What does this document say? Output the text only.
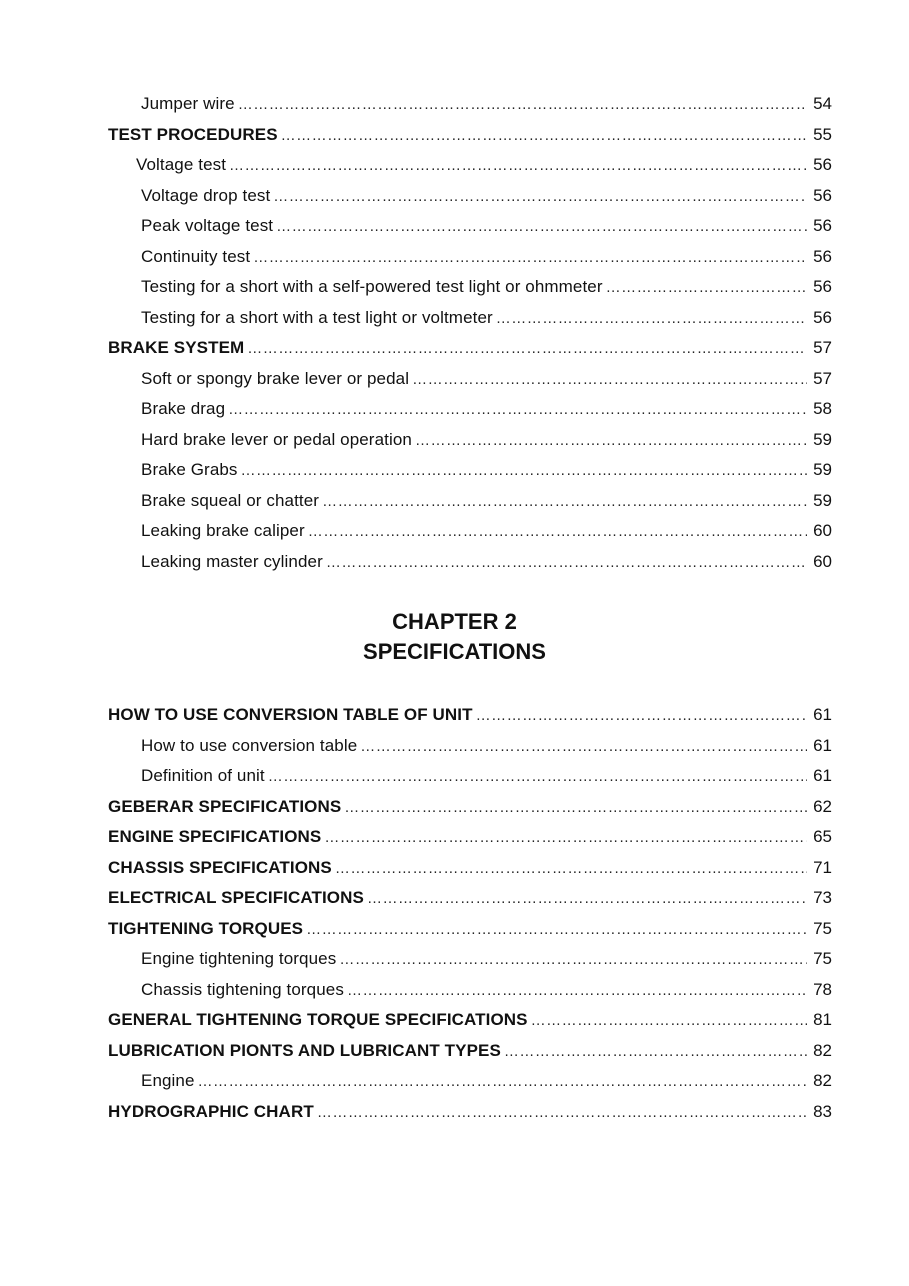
Jumper wire …………………………………………………………………………………………………………………………………………………………………………………	54
TEST PROCEDURES …………………………………………………………………………………………………………………………………………………………………………………	55
Voltage test …………………………………………………………………………………………………………………………………………………………………………………	56
Voltage drop test …………………………………………………………………………………………………………………………………………………………………………………	56
Peak voltage test …………………………………………………………………………………………………………………………………………………………………………………	56
Continuity test …………………………………………………………………………………………………………………………………………………………………………………	56
Testing for a short with a self-powered test light or ohmmeter …………………………………………………………………………………………………………………………………………………………………………………	56
Testing for a short with a test light or voltmeter …………………………………………………………………………………………………………………………………………………………………………………	56
BRAKE SYSTEM …………………………………………………………………………………………………………………………………………………………………………………	57
Soft or spongy brake lever or pedal …………………………………………………………………………………………………………………………………………………………………………………	57
Brake drag …………………………………………………………………………………………………………………………………………………………………………………	58
Hard brake lever or pedal operation …………………………………………………………………………………………………………………………………………………………………………………	59
Brake Grabs …………………………………………………………………………………………………………………………………………………………………………………	59
Brake squeal or chatter …………………………………………………………………………………………………………………………………………………………………………………	59
Leaking brake caliper …………………………………………………………………………………………………………………………………………………………………………………	60
Leaking master cylinder …………………………………………………………………………………………………………………………………………………………………………………	60
CHAPTER 2
SPECIFICATIONS
HOW TO USE CONVERSION TABLE OF UNIT …………………………………………………………………………………………………………………………………………………………………………………	61
How to use conversion table …………………………………………………………………………………………………………………………………………………………………………………	61
Definition of unit …………………………………………………………………………………………………………………………………………………………………………………	61
GEBERAR SPECIFICATIONS …………………………………………………………………………………………………………………………………………………………………………………	62
ENGINE SPECIFICATIONS …………………………………………………………………………………………………………………………………………………………………………………	65
CHASSIS SPECIFICATIONS …………………………………………………………………………………………………………………………………………………………………………………	71
ELECTRICAL SPECIFICATIONS …………………………………………………………………………………………………………………………………………………………………………………	73
TIGHTENING TORQUES …………………………………………………………………………………………………………………………………………………………………………………	75
Engine tightening torques …………………………………………………………………………………………………………………………………………………………………………………	75
Chassis tightening torques …………………………………………………………………………………………………………………………………………………………………………………	78
GENERAL TIGHTENING TORQUE SPECIFICATIONS …………………………………………………………………………………………………………………………………………………………………………………	81
LUBRICATION PIONTS AND LUBRICANT TYPES …………………………………………………………………………………………………………………………………………………………………………………	82
Engine …………………………………………………………………………………………………………………………………………………………………………………	82
HYDROGRAPHIC CHART …………………………………………………………………………………………………………………………………………………………………………………	83
